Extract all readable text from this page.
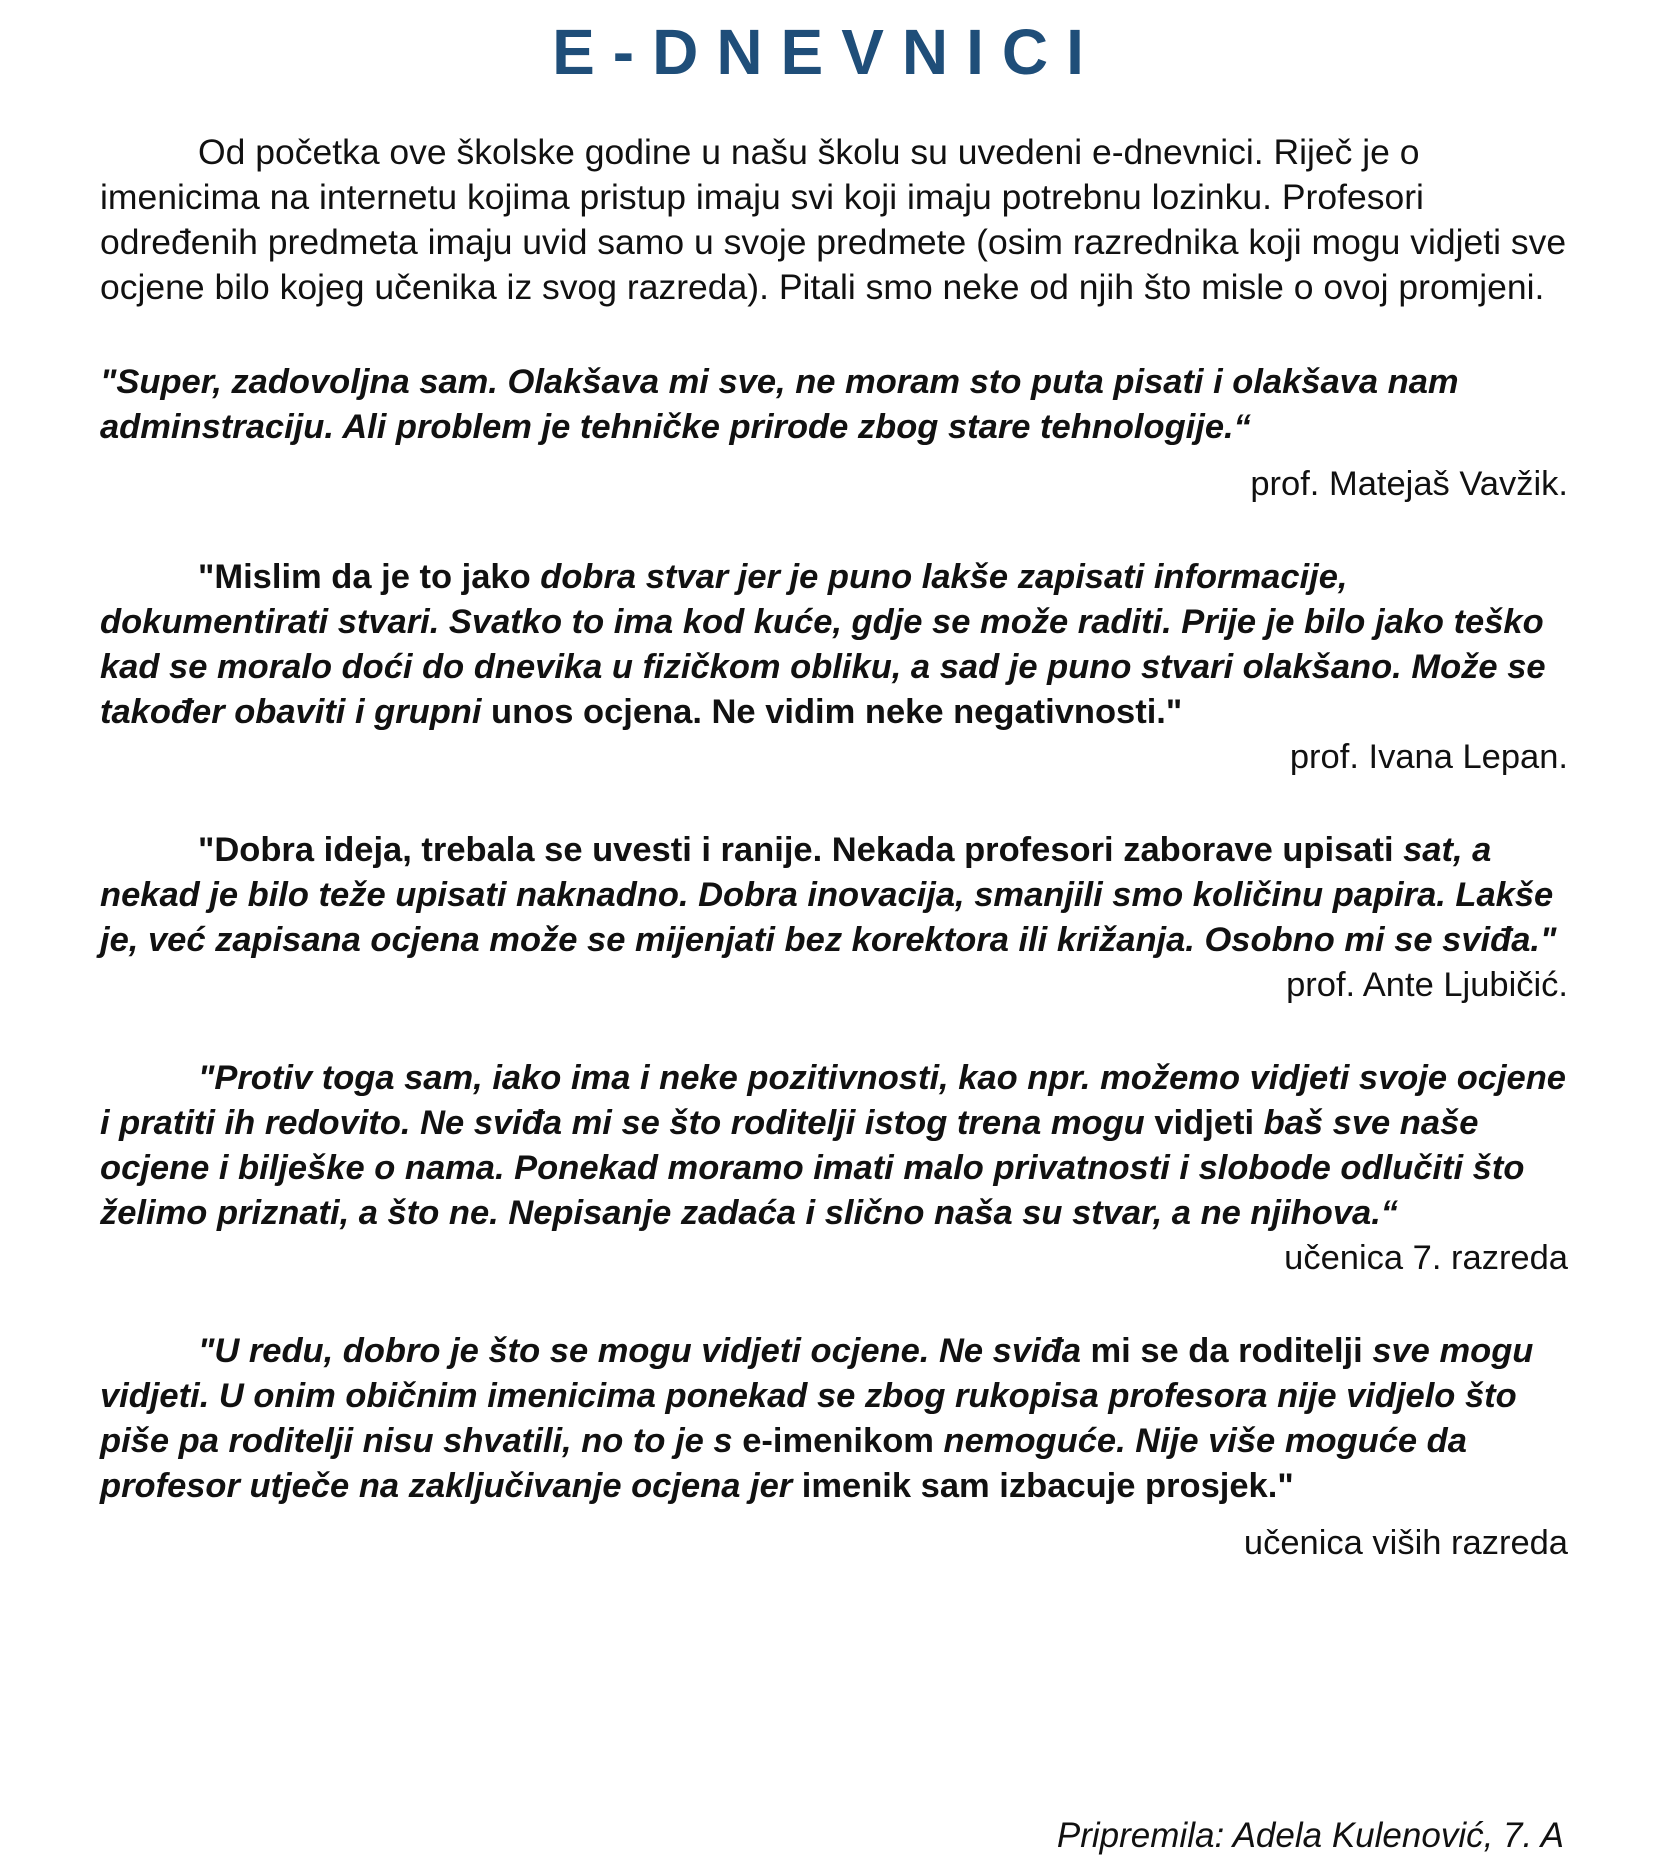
E-DNEVNICI

Od početka ove školske godine u našu školu su uvedeni e-dnevnici. Riječ je o imenicima na internetu kojima pristup imaju svi koji imaju potrebnu lozinku. Profesori određenih predmeta imaju uvid samo u svoje predmete (osim razrednika koji mogu vidjeti sve ocjene bilo kojeg učenika iz svog razreda). Pitali smo neke od njih što misle o ovoj promjeni.

"Super, zadovoljna sam. Olakšava mi sve, ne moram sto puta pisati i olakšava nam adminstraciju. Ali problem je tehničke prirode zbog stare tehnologije.“

prof. Matejaš Vavžik.

"Mislim da je to jako dobra stvar jer je puno lakše zapisati informacije, dokumentirati stvari. Svatko to ima kod kuće, gdje se može raditi. Prije je bilo jako teško kad se moralo doći do dnevika u fizičkom obliku, a sad je puno stvari olakšano. Može se također obaviti i grupni unos ocjena. Ne vidim neke negativnosti."

prof. Ivana Lepan.

"Dobra ideja, trebala se uvesti i ranije. Nekada profesori zaborave upisati sat, a nekad je bilo teže upisati naknadno. Dobra inovacija, smanjili smo količinu papira. Lakše je, već zapisana ocjena može se mijenjati bez korektora ili križanja. Osobno mi se sviđa."

prof. Ante Ljubičić.

"Protiv toga sam, iako ima i neke pozitivnosti, kao npr. možemo vidjeti svoje ocjene i pratiti ih redovito. Ne sviđa mi se što roditelji istog trena mogu vidjeti baš sve naše ocjene i bilješke o nama. Ponekad moramo imati malo privatnosti i slobode odlučiti što želimo priznati, a što ne. Nepisanje zadaća i slično naša su stvar, a ne njihova.“

učenica 7. razreda

"U redu, dobro je što se mogu vidjeti ocjene. Ne sviđa mi se da roditelji sve mogu vidjeti. U onim običnim imenicima ponekad se zbog rukopisa profesora nije vidjelo što piše pa roditelji nisu shvatili, no to je s e-imenikom nemoguće. Nije više moguće da profesor utječe na zaključivanje ocjena jer imenik sam izbacuje prosjek."

učenica viših razreda

Pripremila: Adela Kulenović, 7. A
